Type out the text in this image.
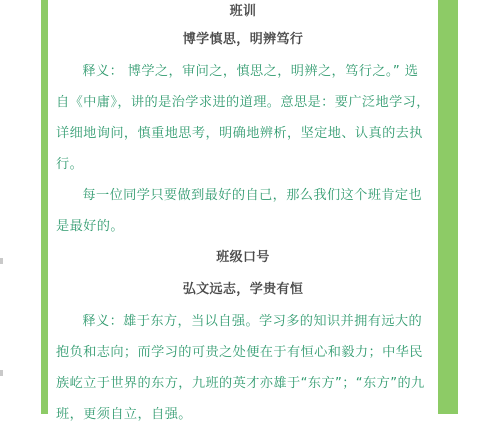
班训
博学慎思，明辨笃行

释义： 博学之，审问之，慎思之，明辨之，笃行之。” 选自《中庸》，讲的是治学求进的道理。意思是：要广泛地学习，详细地询问，慎重地思考，明确地辨析，坚定地、认真的去执行。

每一位同学只要做到最好的自己，那么我们这个班肯定也是最好的。

班级口号
弘文远志，学贵有恒

释义：雄于东方，当以自强。学习多的知识并拥有远大的抱负和志向；而学习的可贵之处便在于有恒心和毅力；中华民族屹立于世界的东方，九班的英才亦雄于“东方”；“东方”的九班，更须自立，自强。
